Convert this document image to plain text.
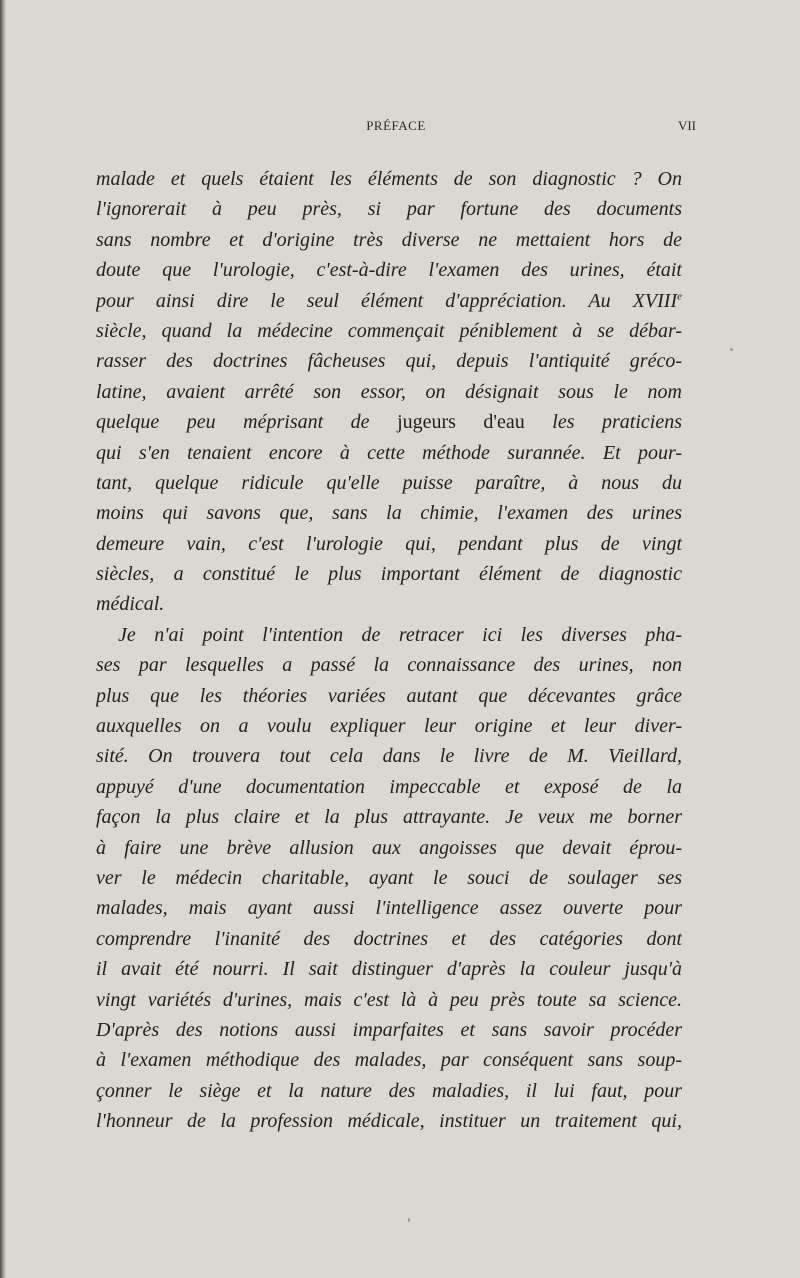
PRÉFACE	VII
malade et quels étaient les éléments de son diagnostic ? On
l'ignorerait à peu près, si par fortune des documents
sans nombre et d'origine très diverse ne mettaient hors de
doute que l'urologie, c'est-à-dire l'examen des urines, était
pour ainsi dire le seul élément d'appréciation. Au XVIIIe
siècle, quand la médecine commençait péniblement à se débar-
rasser des doctrines fâcheuses qui, depuis l'antiquité gréco-
latine, avaient arrêté son essor, on désignait sous le nom
quelque peu méprisant de jugeurs d'eau les praticiens
qui s'en tenaient encore à cette méthode surannée. Et pour-
tant, quelque ridicule qu'elle puisse paraître, à nous du
moins qui savons que, sans la chimie, l'examen des urines
demeure vain, c'est l'urologie qui, pendant plus de vingt
siècles, a constitué le plus important élément de diagnostic
médical.
Je n'ai point l'intention de retracer ici les diverses pha-
ses par lesquelles a passé la connaissance des urines, non
plus que les théories variées autant que décevantes grâce
auxquelles on a voulu expliquer leur origine et leur diver-
sité. On trouvera tout cela dans le livre de M. Vieillard,
appuyé d'une documentation impeccable et exposé de la
façon la plus claire et la plus attrayante. Je veux me borner
à faire une brève allusion aux angoisses que devait éprou-
ver le médecin charitable, ayant le souci de soulager ses
malades, mais ayant aussi l'intelligence assez ouverte pour
comprendre l'inanité des doctrines et des catégories dont
il avait été nourri. Il sait distinguer d'après la couleur jusqu'à
vingt variétés d'urines, mais c'est là à peu près toute sa science.
D'après des notions aussi imparfaites et sans savoir procéder
à l'examen méthodique des malades, par conséquent sans soup-
çonner le siège et la nature des maladies, il lui faut, pour
l'honneur de la profession médicale, instituer un traitement qui,
